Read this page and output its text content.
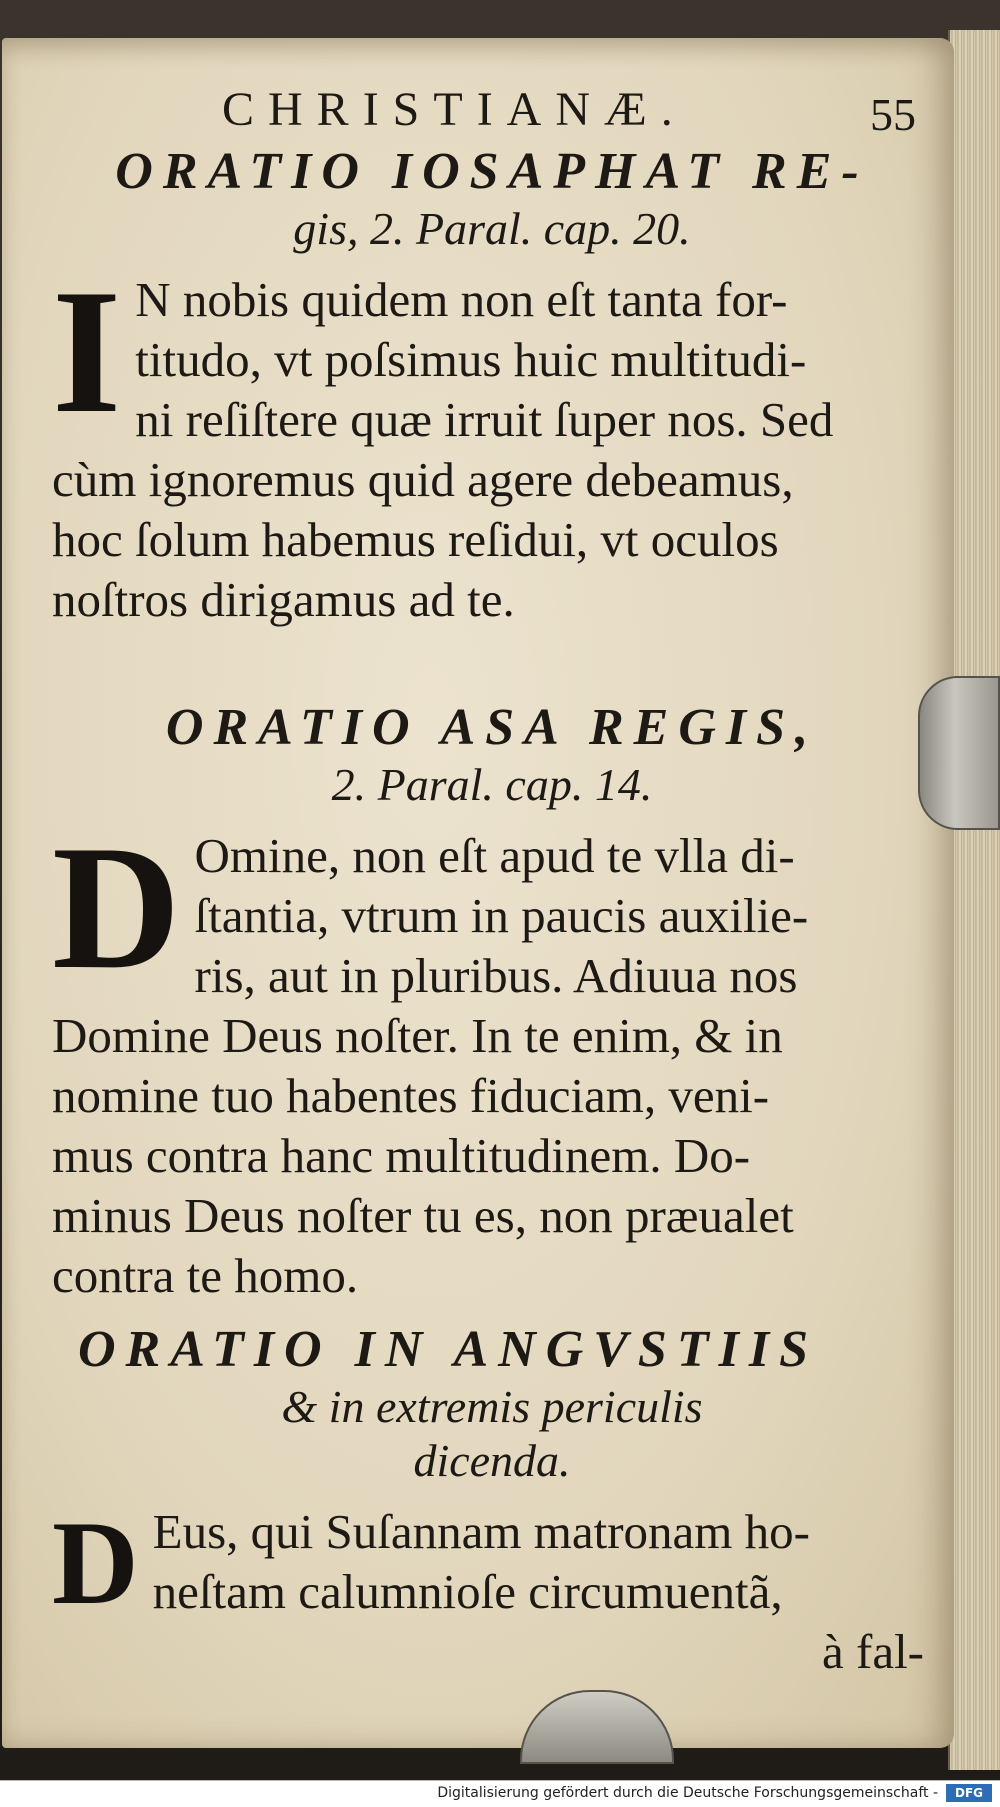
CHRISTIANÆ.	55

ORATIO IOSAPHAT RE-

gis, 2. Paral. cap. 20.

I N nobis quidem non eſt tanta for-
titudo, vt poſsimus huic multitudi-
ni reſiſtere quæ irruit ſuper nos. Sed
cùm ignoremus quid agere debeamus,
hoc ſolum habemus reſidui, vt oculos
noſtros dirigamus ad te.

ORATIO ASA REGIS,

2. Paral. cap. 14.

D Omine, non eſt apud te vlla di-
ſtantia, vtrum in paucis auxilie-
ris, aut in pluribus. Adiuua nos
Domine Deus noſter. In te enim, & in
nomine tuo habentes fiduciam, veni-
mus contra hanc multitudinem. Do-
minus Deus noſter tu es, non præualet
contra te homo.

ORATIO IN ANGVSTIIS

& in extremis periculis

dicenda.

D Eus, qui Suſannam matronam ho-
neſtam calumnioſe circumuentã,
à fal-
Digitalisierung gefördert durch die Deutsche Forschungsgemeinschaft -	DFG
